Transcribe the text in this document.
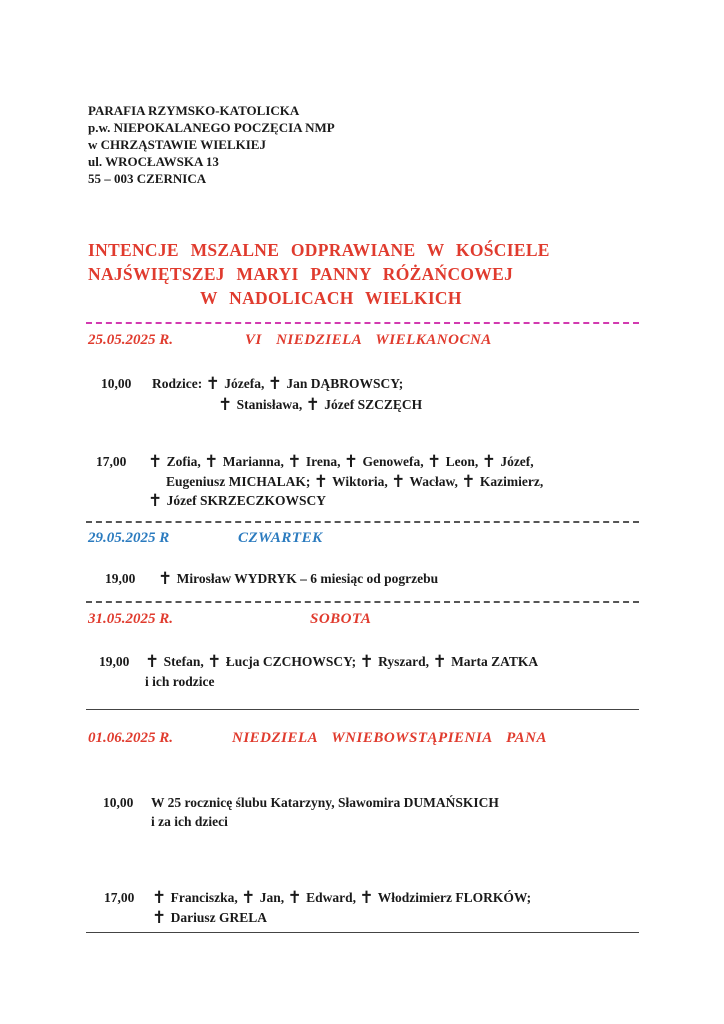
PARAFIA RZYMSKO-KATOLICKA
p.w. NIEPOKALANEGO POCZĘCIA NMP
w CHRZĄSTAWIE WIELKIEJ
ul. WROCŁAWSKA 13
55 – 003 CZERNICA
INTENCJE MSZALNE ODPRAWIANE W KOŚCIELE
NAJŚWIĘTSZEJ MARYI PANNY RÓŻAŃCOWEJ
W NADOLICACH WIELKICH
25.05.2025 R.	VI NIEDZIELA WIELKANOCNA
10,00 Rodzice: ✝ Józefa, ✝ Jan DĄBROWSCY;
✝ Stanisława, ✝ Józef SZCZĘCH
17,00 ✝ Zofia, ✝ Marianna, ✝ Irena, ✝ Genowefa, ✝ Leon, ✝ Józef,
Eugeniusz MICHALAK; ✝ Wiktoria, ✝ Wacław, ✝ Kazimierz,
✝ Józef SKRZECZKOWSCY
29.05.2025 R	CZWARTEK
19,00 ✝ Mirosław WYDRYK – 6 miesiąc od pogrzebu
31.05.2025 R.	SOBOTA
19,00 ✝ Stefan, ✝ Łucja CZCHOWSCY; ✝ Ryszard, ✝ Marta ZATKA
i ich rodzice
01.06.2025 R.	NIEDZIELA WNIEBOWSTĄPIENIA PANA
10,00 W 25 rocznicę ślubu Katarzyny, Sławomira DUMAŃSKICH
i za ich dzieci
17,00 ✝ Franciszka, ✝ Jan, ✝ Edward, ✝ Włodzimierz FLORKÓW;
✝ Dariusz GRELA
